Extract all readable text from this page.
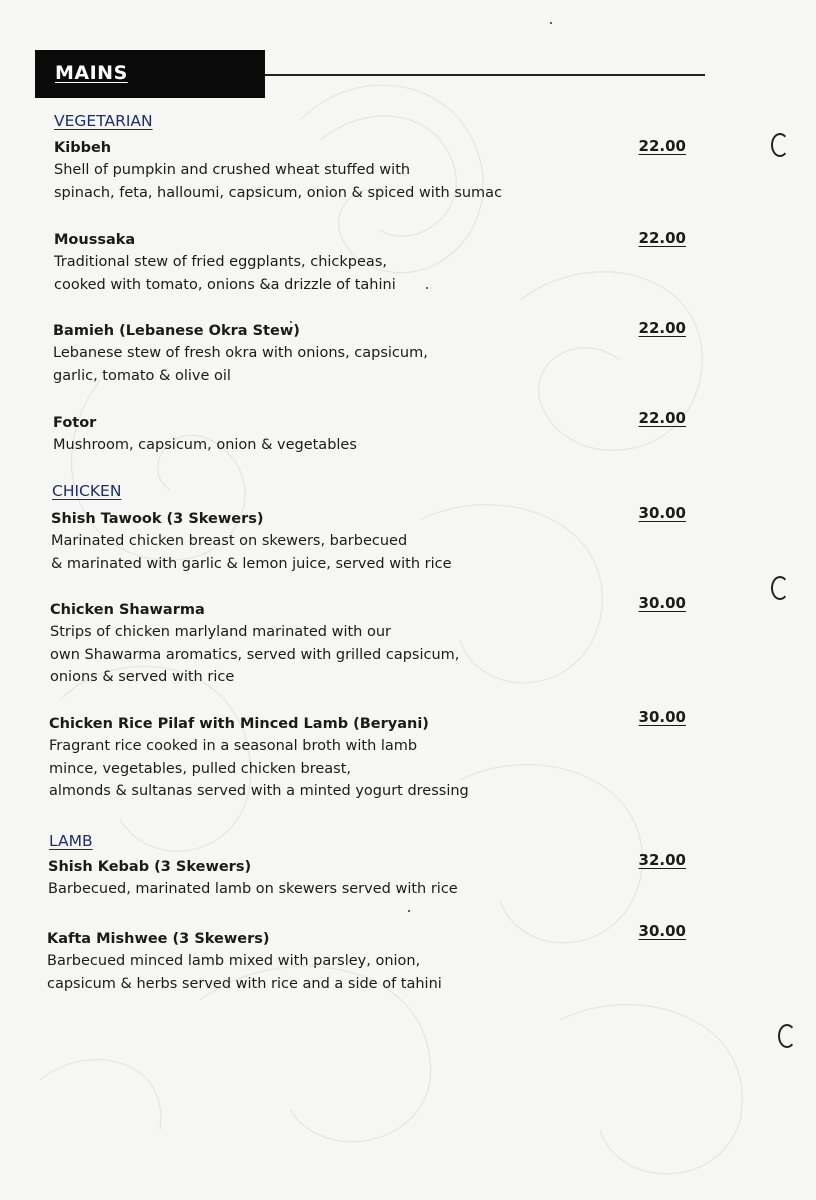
MAINS
VEGETARIAN
Kibbeh
Shell of pumpkin and crushed wheat stuffed with
spinach, feta, halloumi, capsicum, onion & spiced with sumac
22.00
Moussaka
Traditional stew of fried eggplants, chickpeas,
cooked with tomato, onions &a drizzle of tahini
22.00
Bamieh (Lebanese Okra Stew)
Lebanese stew of fresh okra with onions, capsicum,
garlic, tomato & olive oil
22.00
Fotor
Mushroom, capsicum, onion & vegetables
22.00
CHICKEN
Shish Tawook (3 Skewers)
Marinated chicken breast on skewers, barbecued
& marinated with garlic & lemon juice, served with rice
30.00
Chicken Shawarma
Strips of chicken marlyland marinated with our
own Shawarma aromatics, served with grilled capsicum,
onions & served with rice
30.00
Chicken Rice Pilaf with Minced Lamb (Beryani)
Fragrant rice cooked in a seasonal broth with lamb
mince, vegetables, pulled chicken breast,
almonds & sultanas served with a minted yogurt dressing
30.00
LAMB
Shish Kebab (3 Skewers)
Barbecued, marinated lamb on skewers served with rice
32.00
Kafta Mishwee (3 Skewers)
Barbecued minced lamb mixed with parsley, onion,
capsicum & herbs served with rice and a side of tahini
30.00
